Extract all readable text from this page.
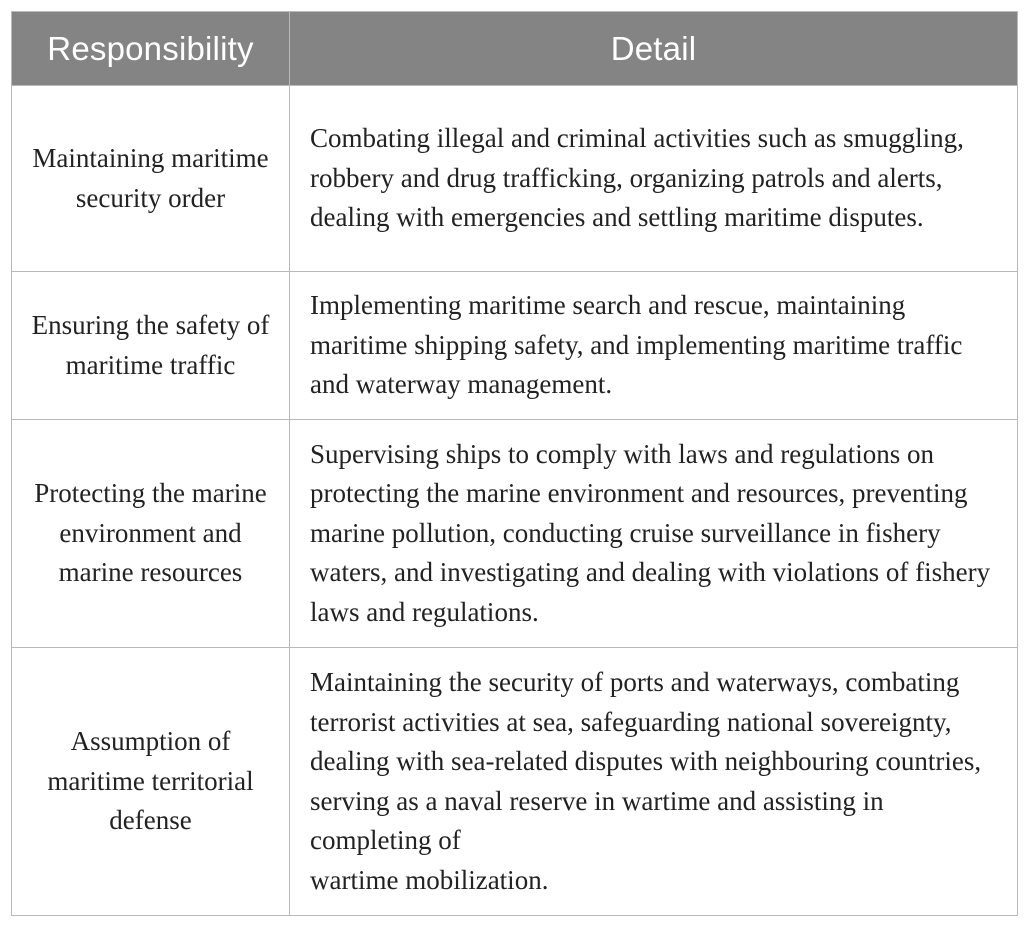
Responsibility	Detail
Maintaining maritime security order	Combating illegal and criminal activities such as smuggling, robbery and drug trafficking, organizing patrols and alerts, dealing with emergencies and settling maritime disputes.
Ensuring the safety of maritime traffic	Implementing maritime search and rescue, maintaining maritime shipping safety, and implementing maritime traffic and waterway management.
Protecting the marine environment and marine resources	Supervising ships to comply with laws and regulations on protecting the marine environment and resources, preventing marine pollution, conducting cruise surveillance in fishery waters, and investigating and dealing with violations of fishery laws and regulations.
Assumption of maritime territorial defense	Maintaining the security of ports and waterways, combating terrorist activities at sea, safeguarding national sovereignty, dealing with sea-related disputes with neighbouring countries, serving as a naval reserve in wartime and assisting in completing of
wartime mobilization.
